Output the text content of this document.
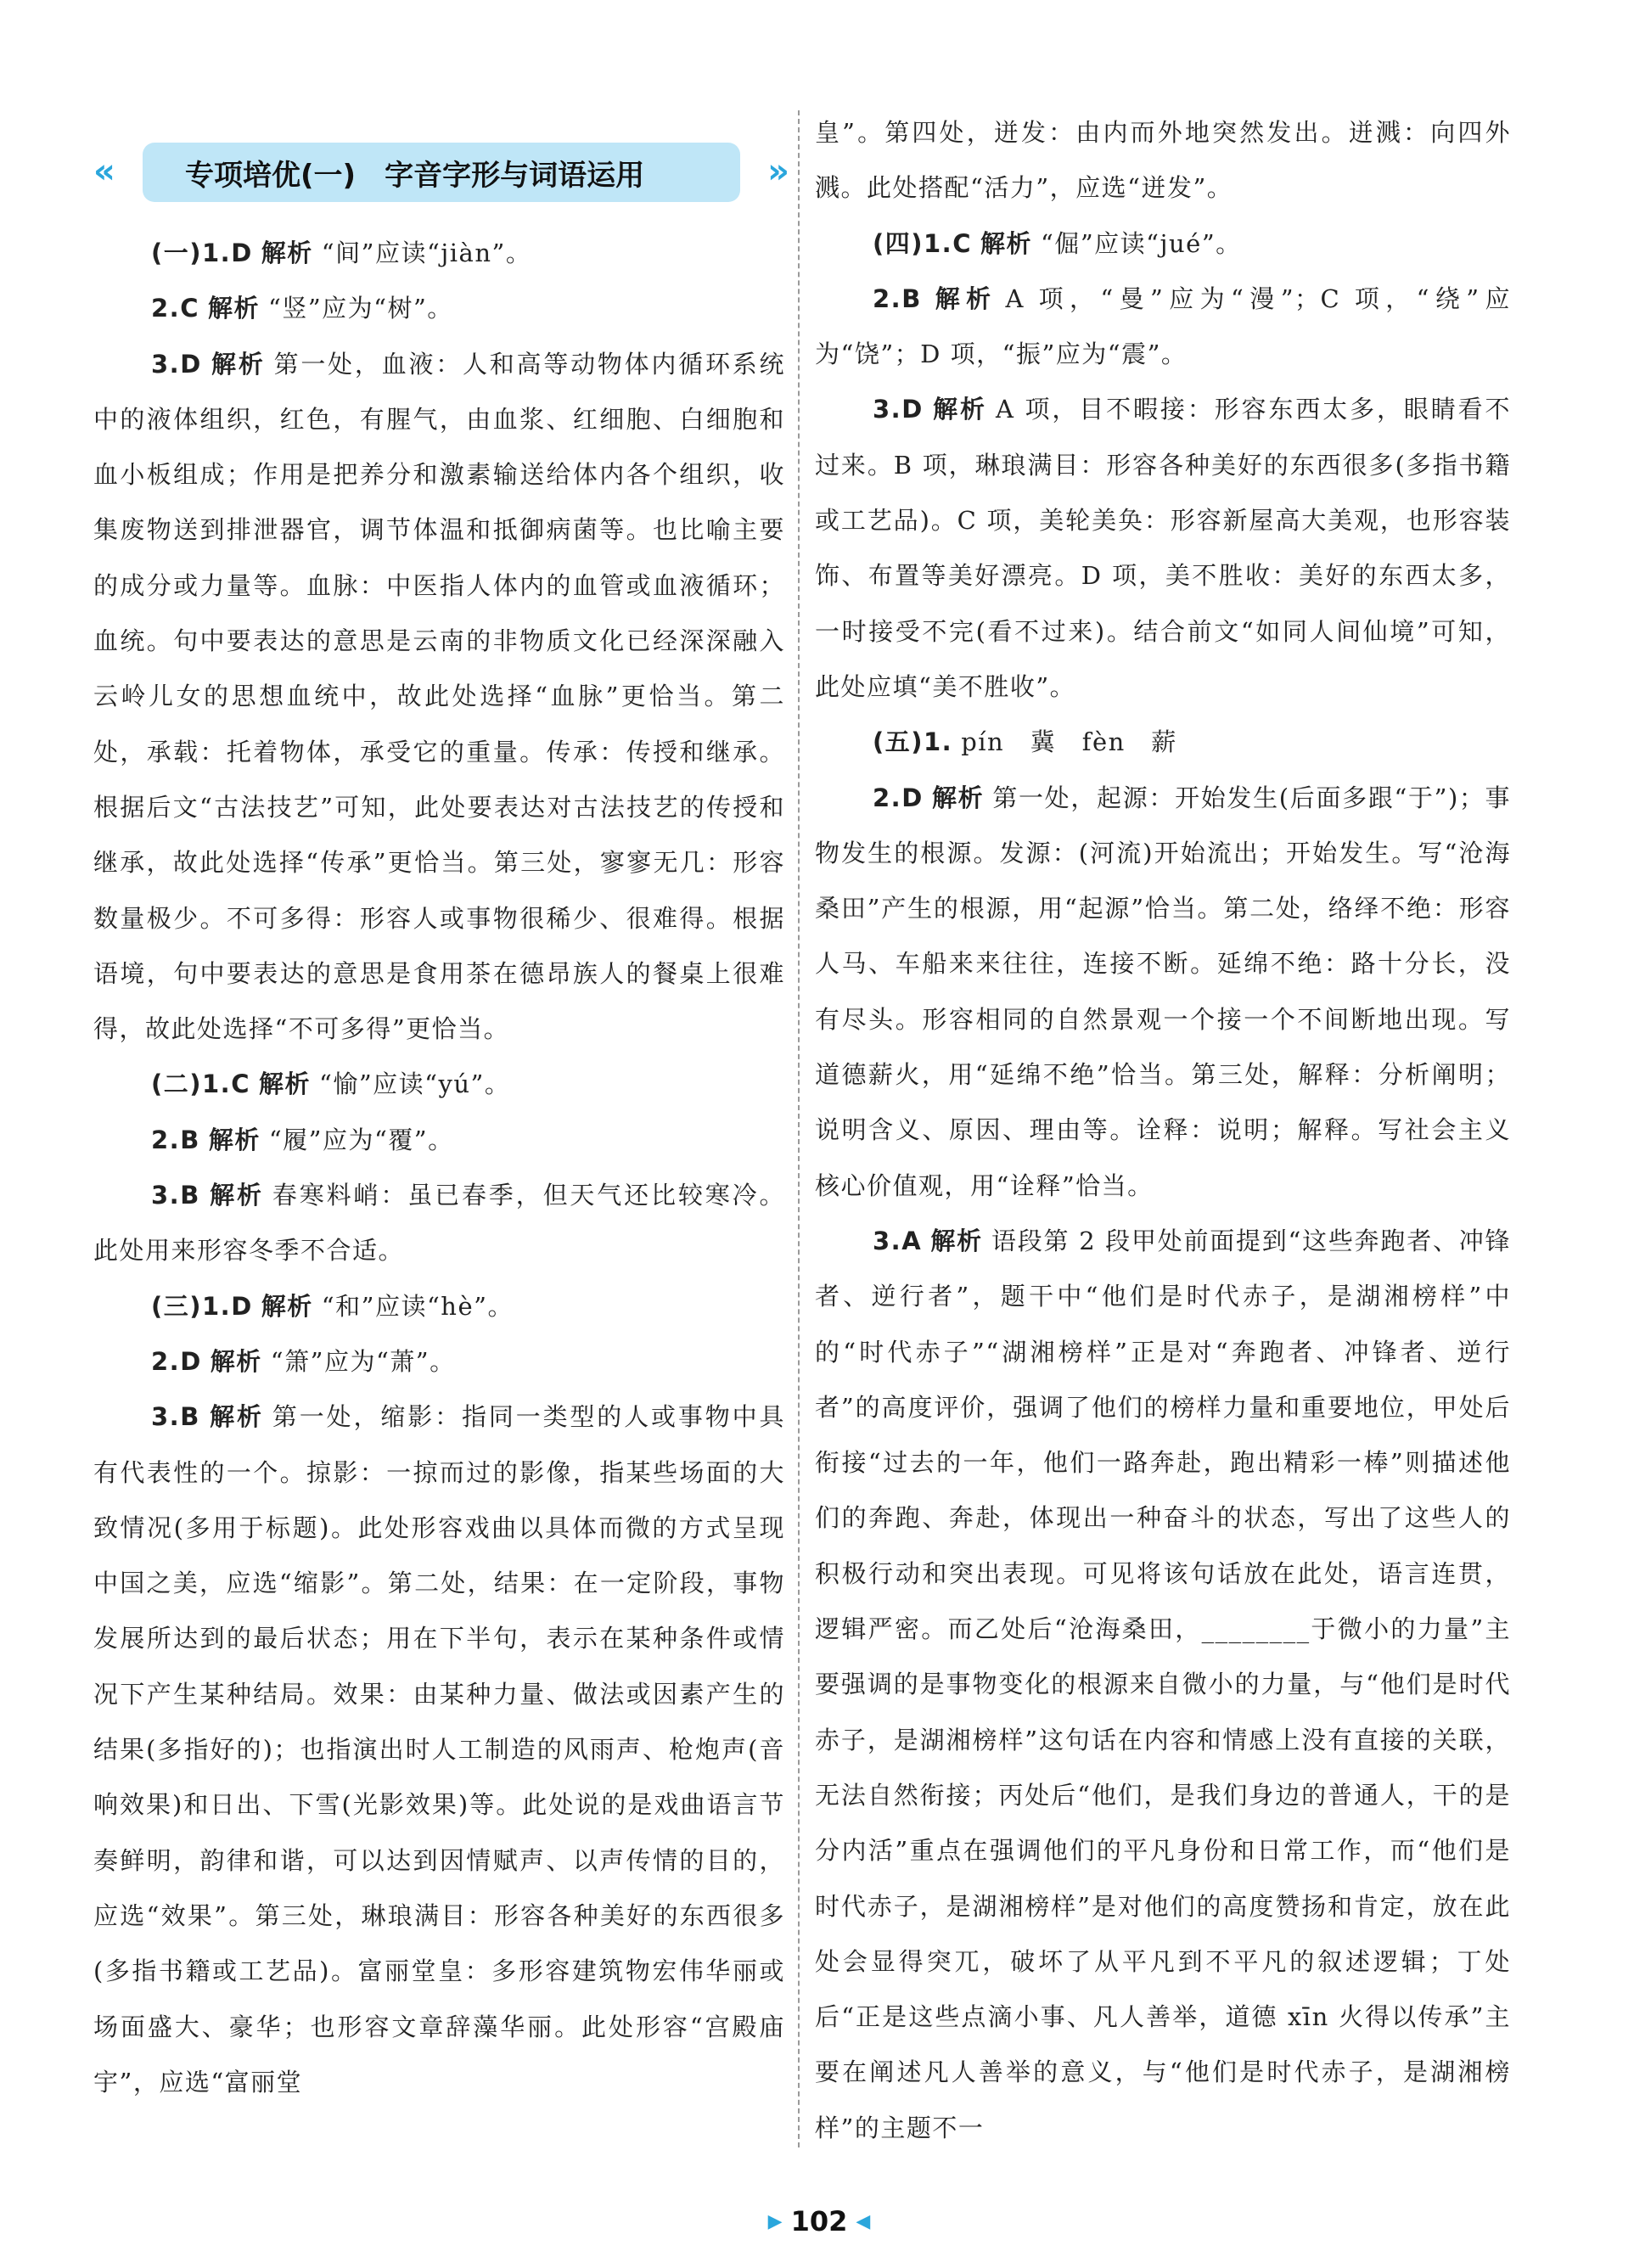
« 专项培优(一) 字音字形与词语运用	»

(一)1.D 解析 “间”应读“jiàn”。

2.C 解析 “竖”应为“树”。

3.D 解析 第一处，血液：人和高等动物体内循环系统中的液体组织，红色，有腥气，由血浆、红细胞、白细胞和血小板组成；作用是把养分和激素输送给体内各个组织，收集废物送到排泄器官，调节体温和抵御病菌等。也比喻主要的成分或力量等。血脉：中医指人体内的血管或血液循环；血统。句中要表达的意思是云南的非物质文化已经深深融入云岭儿女的思想血统中，故此处选择“血脉”更恰当。第二处，承载：托着物体，承受它的重量。传承：传授和继承。根据后文“古法技艺”可知，此处要表达对古法技艺的传授和继承，故此处选择“传承”更恰当。第三处，寥寥无几：形容数量极少。不可多得：形容人或事物很稀少、很难得。根据语境，句中要表达的意思是食用茶在德昂族人的餐桌上很难得，故此处选择“不可多得”更恰当。

(二)1.C 解析 “愉”应读“yú”。

2.B 解析 “履”应为“覆”。

3.B 解析 春寒料峭：虽已春季，但天气还比较寒冷。此处用来形容冬季不合适。

(三)1.D 解析 “和”应读“hè”。

2.D 解析 “箫”应为“萧”。

3.B 解析 第一处，缩影：指同一类型的人或事物中具有代表性的一个。掠影：一掠而过的影像，指某些场面的大致情况(多用于标题)。此处形容戏曲以具体而微的方式呈现中国之美，应选“缩影”。第二处，结果：在一定阶段，事物发展所达到的最后状态；用在下半句，表示在某种条件或情况下产生某种结局。效果：由某种力量、做法或因素产生的结果(多指好的)；也指演出时人工制造的风雨声、枪炮声(音响效果)和日出、下雪(光影效果)等。此处说的是戏曲语言节奏鲜明，韵律和谐，可以达到因情赋声、以声传情的目的，应选“效果”。第三处，琳琅满目：形容各种美好的东西很多(多指书籍或工艺品)。富丽堂皇：多形容建筑物宏伟华丽或场面盛大、豪华；也形容文章辞藻华丽。此处形容“宫殿庙宇”，应选“富丽堂

皇”。第四处，迸发：由内而外地突然发出。迸溅：向四外溅。此处搭配“活力”，应选“迸发”。

(四)1.C 解析 “倔”应读“jué”。

2.B 解析 A 项，“曼”应为“漫”；C 项，“绕”应为“饶”；D 项，“振”应为“震”。

3.D 解析 A 项，目不暇接：形容东西太多，眼睛看不过来。B 项，琳琅满目：形容各种美好的东西很多(多指书籍或工艺品)。C 项，美轮美奂：形容新屋高大美观，也形容装饰、布置等美好漂亮。D 项，美不胜收：美好的东西太多，一时接受不完(看不过来)。结合前文“如同人间仙境”可知，此处应填“美不胜收”。

(五)1. pín　冀　fèn　薪

2.D 解析 第一处，起源：开始发生(后面多跟“于”)；事物发生的根源。发源：(河流)开始流出；开始发生。写“沧海桑田”产生的根源，用“起源”恰当。第二处，络绎不绝：形容人马、车船来来往往，连接不断。延绵不绝：路十分长，没有尽头。形容相同的自然景观一个接一个不间断地出现。写道德薪火，用“延绵不绝”恰当。第三处，解释：分析阐明；说明含义、原因、理由等。诠释：说明；解释。写社会主义核心价值观，用“诠释”恰当。

3.A 解析 语段第 2 段甲处前面提到“这些奔跑者、冲锋者、逆行者”，题干中“他们是时代赤子，是湖湘榜样”中的“时代赤子”“湖湘榜样”正是对“奔跑者、冲锋者、逆行者”的高度评价，强调了他们的榜样力量和重要地位，甲处后衔接“过去的一年，他们一路奔赴，跑出精彩一棒”则描述他们的奔跑、奔赴，体现出一种奋斗的状态，写出了这些人的积极行动和突出表现。可见将该句话放在此处，语言连贯，逻辑严密。而乙处后“沧海桑田，________于微小的力量”主要强调的是事物变化的根源来自微小的力量，与“他们是时代赤子，是湖湘榜样”这句话在内容和情感上没有直接的关联，无法自然衔接；丙处后“他们，是我们身边的普通人，干的是分内活”重点在强调他们的平凡身份和日常工作，而“他们是时代赤子，是湖湘榜样”是对他们的高度赞扬和肯定，放在此处会显得突兀，破坏了从平凡到不平凡的叙述逻辑；丁处后“正是这些点滴小事、凡人善举，道德 xīn 火得以传承”主要在阐述凡人善举的意义，与“他们是时代赤子，是湖湘榜样”的主题不一

▶ 102 ◀
